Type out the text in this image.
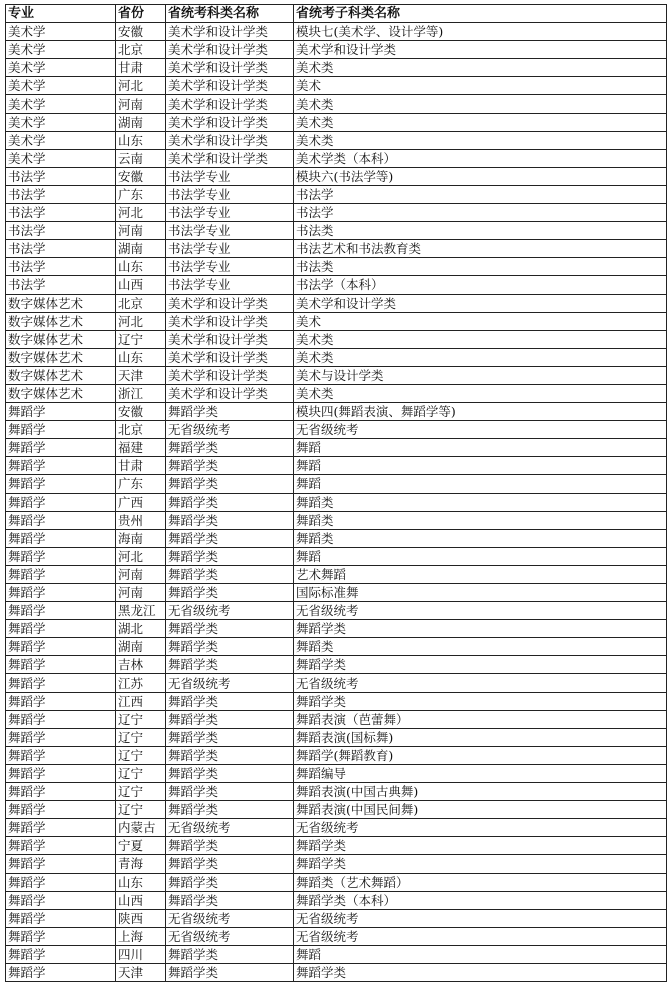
专业	省份	省统考科类名称	省统考子科类名称
美术学	安徽	美术学和设计学类	模块七(美术学、设计学等)
美术学	北京	美术学和设计学类	美术学和设计学类
美术学	甘肃	美术学和设计学类	美术类
美术学	河北	美术学和设计学类	美术
美术学	河南	美术学和设计学类	美术类
美术学	湖南	美术学和设计学类	美术类
美术学	山东	美术学和设计学类	美术类
美术学	云南	美术学和设计学类	美术学类（本科）
书法学	安徽	书法学专业	模块六(书法学等)
书法学	广东	书法学专业	书法学
书法学	河北	书法学专业	书法学
书法学	河南	书法学专业	书法类
书法学	湖南	书法学专业	书法艺术和书法教育类
书法学	山东	书法学专业	书法类
书法学	山西	书法学专业	书法学（本科）
数字媒体艺术	北京	美术学和设计学类	美术学和设计学类
数字媒体艺术	河北	美术学和设计学类	美术
数字媒体艺术	辽宁	美术学和设计学类	美术类
数字媒体艺术	山东	美术学和设计学类	美术类
数字媒体艺术	天津	美术学和设计学类	美术与设计学类
数字媒体艺术	浙江	美术学和设计学类	美术类
舞蹈学	安徽	舞蹈学类	模块四(舞蹈表演、舞蹈学等)
舞蹈学	北京	无省级统考	无省级统考
舞蹈学	福建	舞蹈学类	舞蹈
舞蹈学	甘肃	舞蹈学类	舞蹈
舞蹈学	广东	舞蹈学类	舞蹈
舞蹈学	广西	舞蹈学类	舞蹈类
舞蹈学	贵州	舞蹈学类	舞蹈类
舞蹈学	海南	舞蹈学类	舞蹈类
舞蹈学	河北	舞蹈学类	舞蹈
舞蹈学	河南	舞蹈学类	艺术舞蹈
舞蹈学	河南	舞蹈学类	国际标准舞
舞蹈学	黑龙江	无省级统考	无省级统考
舞蹈学	湖北	舞蹈学类	舞蹈学类
舞蹈学	湖南	舞蹈学类	舞蹈类
舞蹈学	吉林	舞蹈学类	舞蹈学类
舞蹈学	江苏	无省级统考	无省级统考
舞蹈学	江西	舞蹈学类	舞蹈学类
舞蹈学	辽宁	舞蹈学类	舞蹈表演（芭蕾舞）
舞蹈学	辽宁	舞蹈学类	舞蹈表演(国标舞)
舞蹈学	辽宁	舞蹈学类	舞蹈学(舞蹈教育)
舞蹈学	辽宁	舞蹈学类	舞蹈编导
舞蹈学	辽宁	舞蹈学类	舞蹈表演(中国古典舞)
舞蹈学	辽宁	舞蹈学类	舞蹈表演(中国民间舞)
舞蹈学	内蒙古	无省级统考	无省级统考
舞蹈学	宁夏	舞蹈学类	舞蹈学类
舞蹈学	青海	舞蹈学类	舞蹈学类
舞蹈学	山东	舞蹈学类	舞蹈类（艺术舞蹈）
舞蹈学	山西	舞蹈学类	舞蹈学类（本科）
舞蹈学	陕西	无省级统考	无省级统考
舞蹈学	上海	无省级统考	无省级统考
舞蹈学	四川	舞蹈学类	舞蹈
舞蹈学	天津	舞蹈学类	舞蹈学类
